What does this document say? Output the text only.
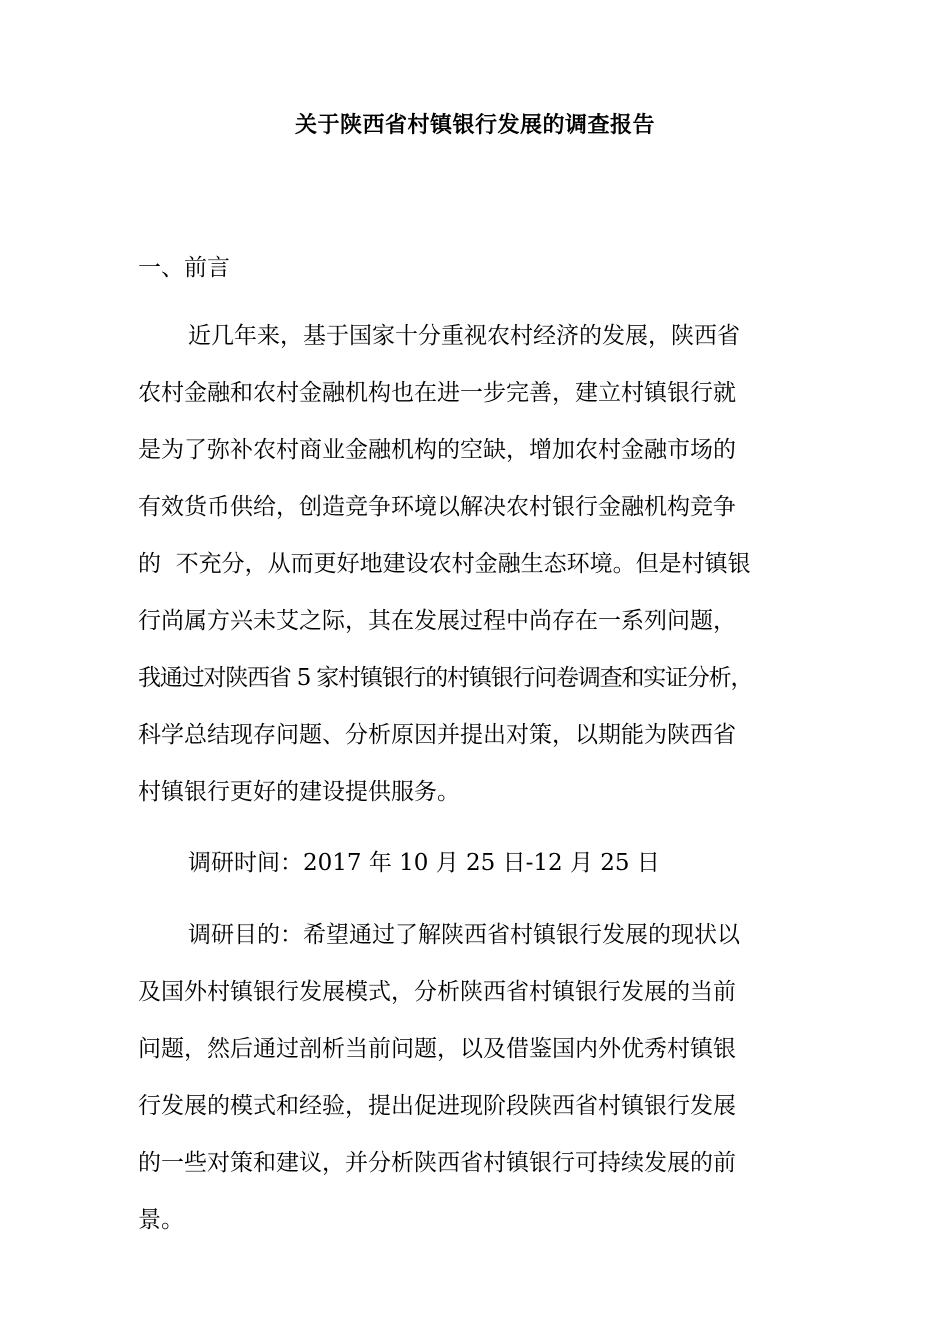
关于陕西省村镇银行发展的调查报告
一、前言
近几年来，基于国家十分重视农村经济的发展，陕西省
农村金融和农村金融机构也在进一步完善，建立村镇银行就
是为了弥补农村商业金融机构的空缺，增加农村金融市场的
有效货币供给，创造竞争环境以解决农村银行金融机构竞争
的  不充分，从而更好地建设农村金融生态环境。但是村镇银
行尚属方兴未艾之际，其在发展过程中尚存在一系列问题，
我通过对陕西省 5 家村镇银行的村镇银行问卷调查和实证分析，
科学总结现存问题、分析原因并提出对策，以期能为陕西省
村镇银行更好的建设提供服务。
调研时间：2017 年 10 月 25 日-12 月 25 日
调研目的：希望通过了解陕西省村镇银行发展的现状以
及国外村镇银行发展模式，分析陕西省村镇银行发展的当前
问题，然后通过剖析当前问题，以及借鉴国内外优秀村镇银
行发展的模式和经验，提出促进现阶段陕西省村镇银行发展
的一些对策和建议，并分析陕西省村镇银行可持续发展的前
景。
